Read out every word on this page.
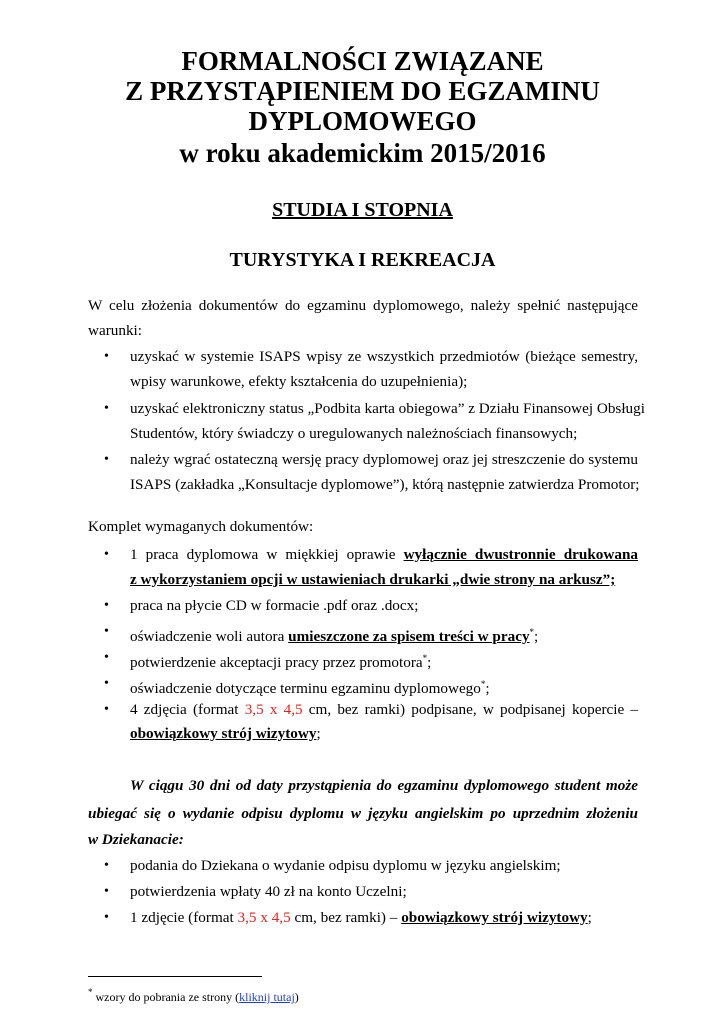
FORMALNOŚCI ZWIĄZANE
Z PRZYSTĄPIENIEM DO EGZAMINU
DYPLOMOWEGO
w roku akademickim 2015/2016
STUDIA I STOPNIA
TURYSTYKA I REKREACJA
W celu złożenia dokumentów do egzaminu dyplomowego, należy spełnić następujące
warunki:
• uzyskać w systemie ISAPS wpisy ze wszystkich przedmiotów (bieżące semestry,
wpisy warunkowe, efekty kształcenia do uzupełnienia);
• uzyskać elektroniczny status „Podbita karta obiegowa” z Działu Finansowej Obsługi
Studentów, który świadczy o uregulowanych należnościach finansowych;
• należy wgrać ostateczną wersję pracy dyplomowej oraz jej streszczenie do systemu
ISAPS (zakładka „Konsultacje dyplomowe”), którą następnie zatwierdza Promotor;
Komplet wymaganych dokumentów:
• 1 praca dyplomowa w miękkiej oprawie wyłącznie dwustronnie drukowana
z wykorzystaniem opcji w ustawieniach drukarki „dwie strony na arkusz”;
• praca na płycie CD w formacie .pdf oraz .docx;
• oświadczenie woli autora umieszczone za spisem treści w pracy*;
• potwierdzenie akceptacji pracy przez promotora*;
• oświadczenie dotyczące terminu egzaminu dyplomowego*;
• 4 zdjęcia (format 3,5 x 4,5 cm, bez ramki) podpisane, w podpisanej kopercie –
obowiązkowy strój wizytowy;
W ciągu 30 dni od daty przystąpienia do egzaminu dyplomowego student może
ubiegać się o wydanie odpisu dyplomu w języku angielskim po uprzednim złożeniu
w Dziekanacie:
• podania do Dziekana o wydanie odpisu dyplomu w języku angielskim;
• potwierdzenia wpłaty 40 zł na konto Uczelni;
• 1 zdjęcie (format 3,5 x 4,5 cm, bez ramki) – obowiązkowy strój wizytowy;
* wzory do pobrania ze strony (kliknij tutaj)
